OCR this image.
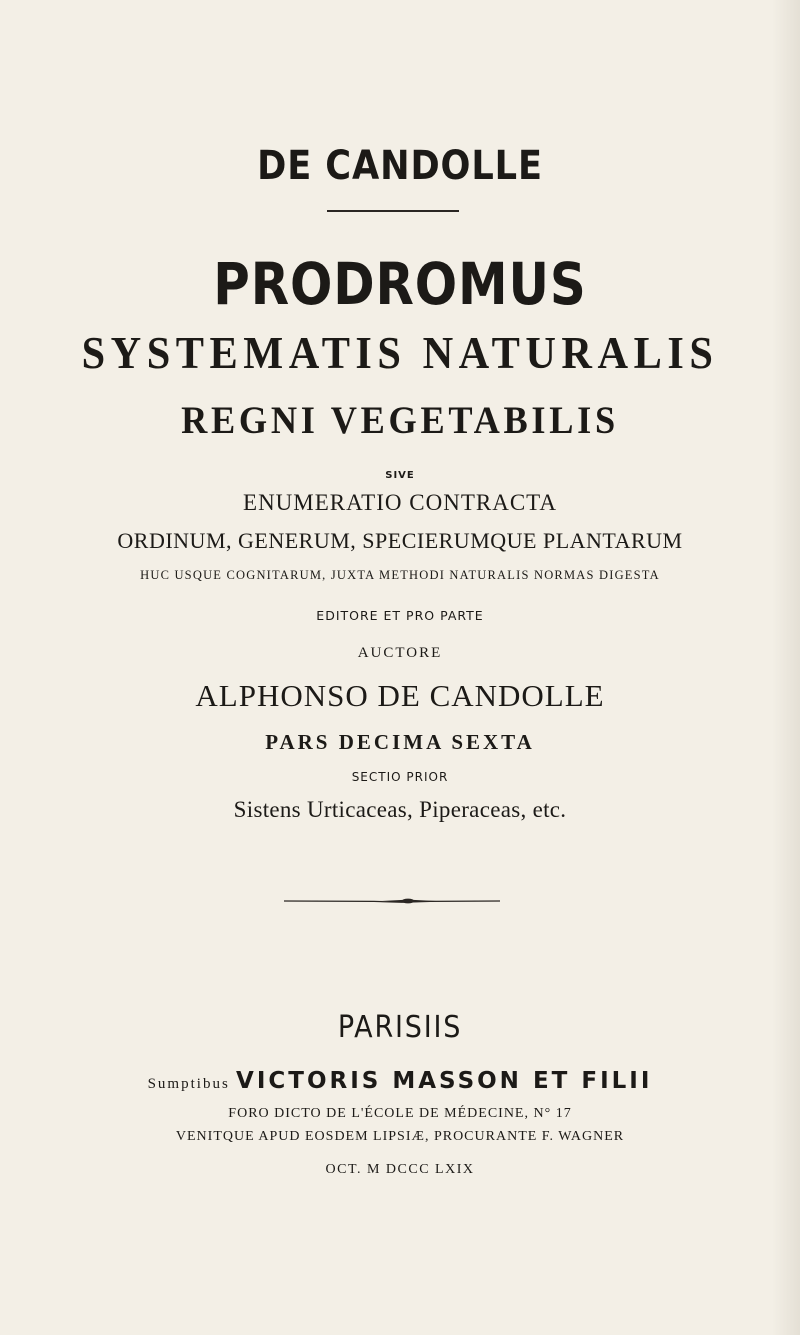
DE CANDOLLE
PRODROMUS
SYSTEMATIS NATURALIS
REGNI VEGETABILIS
SIVE
ENUMERATIO CONTRACTA
ORDINUM, GENERUM, SPECIERUMQUE PLANTARUM
HUC USQUE COGNITARUM, JUXTA METHODI NATURALIS NORMAS DIGESTA
EDITORE ET PRO PARTE
AUCTORE
ALPHONSO DE CANDOLLE
PARS DECIMA SEXTA
SECTIO PRIOR
Sistens Urticaceas, Piperaceas, etc.
PARISIIS
Sumptibus VICTORIS MASSON ET FILII
FORO DICTO DE L'ÉCOLE DE MÉDECINE, N° 17
VENITQUE APUD EOSDEM LIPSIÆ, PROCURANTE F. WAGNER
OCT. M DCCC LXIX
